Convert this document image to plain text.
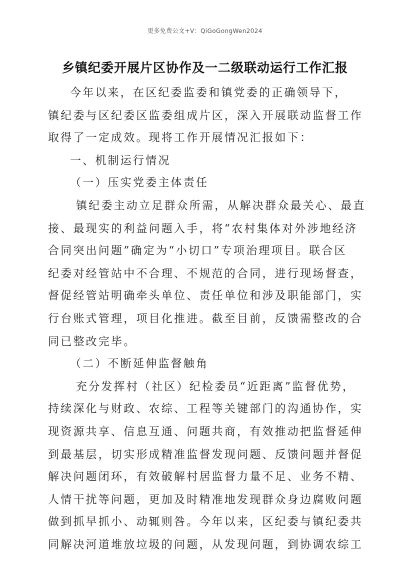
更多免费公文+V：QiGoGongWen2024
乡镇纪委开展片区协作及一二级联动运行工作汇报
今年以来，在区纪委监委和镇党委的正确领导下，
镇纪委与区纪委区监委组成片区，深入开展联动监督工作
取得了一定成效。现将工作开展情况汇报如下：
一、机制运行情况
（一）压实党委主体责任
镇纪委主动立足群众所需，从解决群众最关心、最直
接、最现实的利益问题入手，将“农村集体对外涉地经济
合同突出问题”确定为“小切口”专项治理项目。联合区
纪委对经管站中不合理、不规范的合同，进行现场督查，
督促经管站明确牵头单位、责任单位和涉及职能部门，实
行台账式管理，项目化推进。截至目前，反馈需整改的合
同已整改完毕。
（二）不断延伸监督触角
充分发挥村（社区）纪检委员“近距离”监督优势，
持续深化与财政、农综、工程等关键部门的沟通协作，实
现资源共享、信息互通、问题共商，有效推动把监督延伸
到最基层，切实形成精准监督发现问题、反馈问题并督促
解决问题闭环，有效破解村居监督力量不足、业务不精、
人情干扰等问题，更加及时精准地发现群众身边腐败问题
做到抓早抓小、动辄则咎。今年以来，区纪委与镇纪委共
同解决河道堆放垃圾的问题，从发现问题，到协调农综工
